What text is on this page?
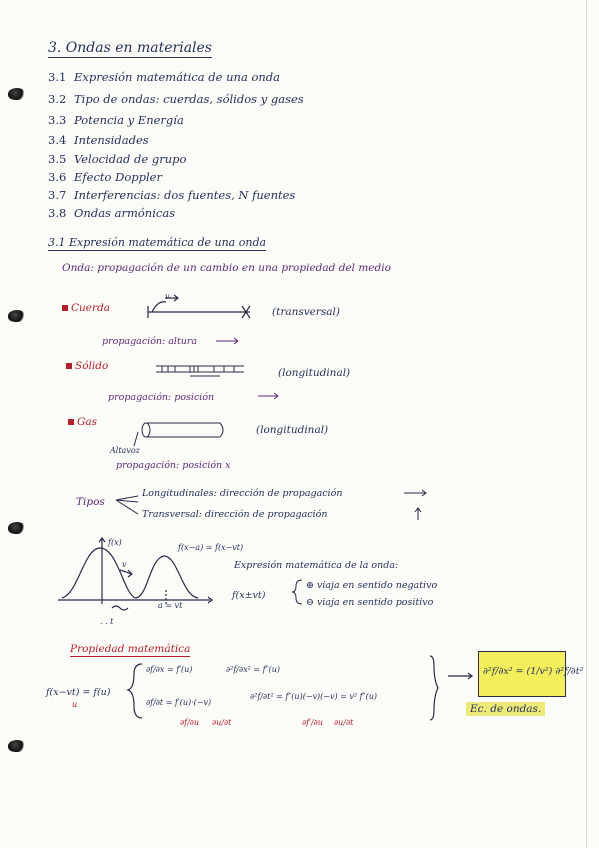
3. Ondas en materiales
3.1 Expresión matemática de una onda
3.2 Tipo de ondas: cuerdas, sólidos y gases
3.3 Potencia y Energía
3.4 Intensidades
3.5 Velocidad de grupo
3.6 Efecto Doppler
3.7 Interferencias: dos fuentes, N fuentes
3.8 Ondas armónicas
3.1 Expresión matemática de una onda
Onda: propagación de un cambio en una propiedad del medio
Cuerda
v
(transversal)
propagación: altura
Sólido
(longitudinal)
propagación: posición
Gas
(longitudinal)
Altavoz
propagación: posición x
Tipos
Longitudinales: dirección de propagación
Transversal: dirección de propagación
f(x)
f(x−a) = f(x−vt)
v
a = vt
. . t
Expresión matemática de la onda:
f(x±vt)
⊕ viaja en sentido negativo
⊖ viaja en sentido positivo
Propiedad matemática
f(x−vt) = f(u)
u
∂f/∂x = f′(u)	∂²f/∂x² = f″(u)
∂f/∂t = f′(u)·(−v)
∂²f/∂t² = f″(u)(−v)(−v) = v² f″(u)
∂f/∂u ∂u/∂t	∂f′/∂u ∂u/∂t
∂²f/∂x² = (1/v²) ∂²f/∂t²
Ec. de ondas.
